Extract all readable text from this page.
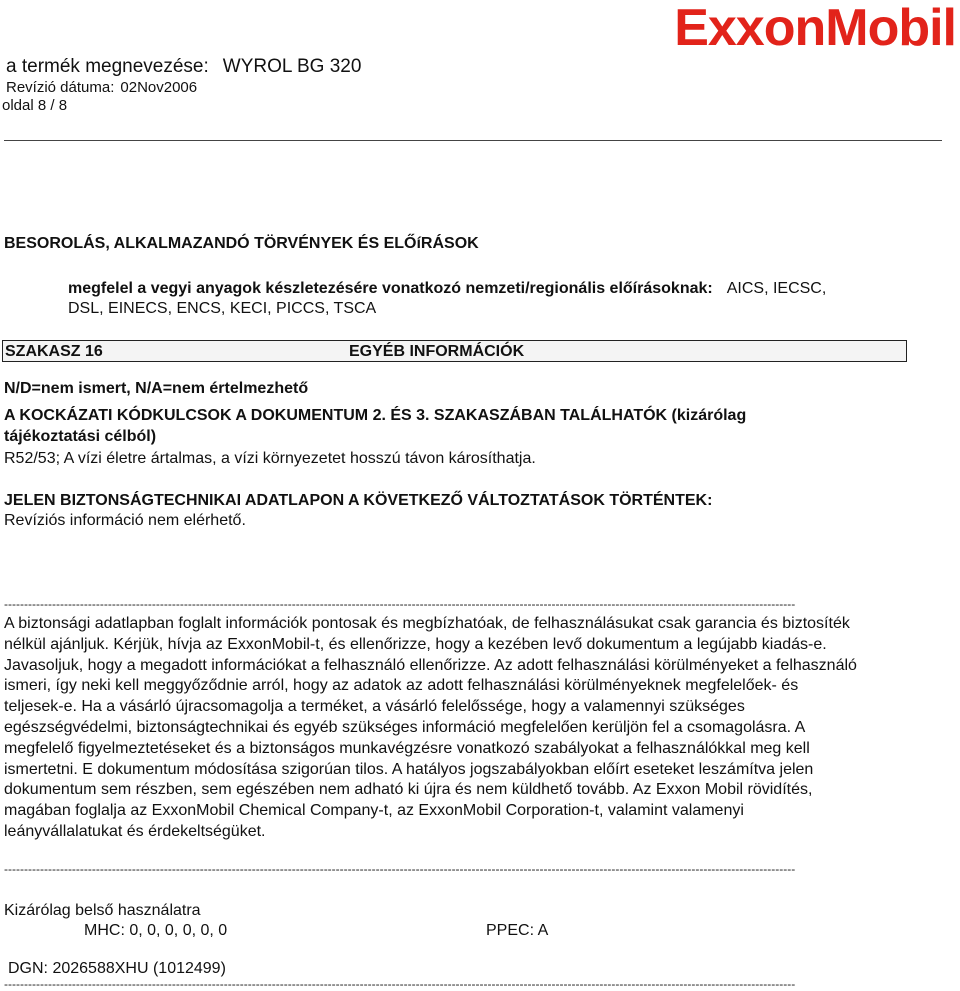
ExxonMobil
a termék megnevezése: WYROL BG 320
Revízió dátuma: 02Nov2006
oldal 8 / 8
BESOROLÁS, ALKALMAZANDÓ TÖRVÉNYEK ÉS ELŐíRÁSOK
megfelel a vegyi anyagok készletezésére vonatkozó nemzeti/regionális előírásoknak: AICS, IECSC,
DSL, EINECS, ENCS, KECI, PICCS, TSCA
SZAKASZ 16	EGYÉB INFORMÁCIÓK
N/D=nem ismert, N/A=nem értelmezhető
A KOCKÁZATI KÓDKULCSOK A DOKUMENTUM 2. ÉS 3. SZAKASZÁBAN TALÁLHATÓK (kizárólag
tájékoztatási célból)
R52/53; A vízi életre ártalmas, a vízi környezetet hosszú távon károsíthatja.
JELEN BIZTONSÁGTECHNIKAI ADATLAPON A KÖVETKEZŐ VÁLTOZTATÁSOK TÖRTÉNTEK:
Revíziós információ nem elérhető.
------------------------------------------------------------------------------------------------------------------------------------------------------------------------------------------------------

A biztonsági adatlapban foglalt információk pontosak és megbízhatóak, de felhasználásukat csak garancia és biztosíték

nélkül ajánljuk. Kérjük, hívja az ExxonMobil-t, és ellenőrizze, hogy a kezében levő dokumentum a legújabb kiadás-e.

Javasoljuk, hogy a megadott információkat a felhasználó ellenőrizze. Az adott felhasználási körülményeket a felhasználó

ismeri, így neki kell meggyőződnie arról, hogy az adatok az adott felhasználási körülményeknek megfelelőek- és

teljesek-e. Ha a vásárló újracsomagolja a terméket, a vásárló felelőssége, hogy a valamennyi szükséges

egészségvédelmi, biztonságtechnikai és egyéb szükséges információ megfelelően kerüljön fel a csomagolásra. A

megfelelő figyelmeztetéseket és a biztonságos munkavégzésre vonatkozó szabályokat a felhasználókkal meg kell

ismertetni. E dokumentum módosítása szigorúan tilos. A hatályos jogszabályokban előírt eseteket leszámítva jelen

dokumentum sem részben, sem egészében nem adható ki újra és nem küldhető tovább. Az Exxon Mobil rövidítés,

magában foglalja az ExxonMobil Chemical Company-t, az ExxonMobil Corporation-t, valamint valamenyi

leányvállalatukat és érdekeltségüket.

------------------------------------------------------------------------------------------------------------------------------------------------------------------------------------------------------
Kizárólag belső használatra
MHC: 0, 0, 0, 0, 0, 0	PPEC: A
DGN: 2026588XHU (1012499)
------------------------------------------------------------------------------------------------------------------------------------------------------------------------------------------------------
